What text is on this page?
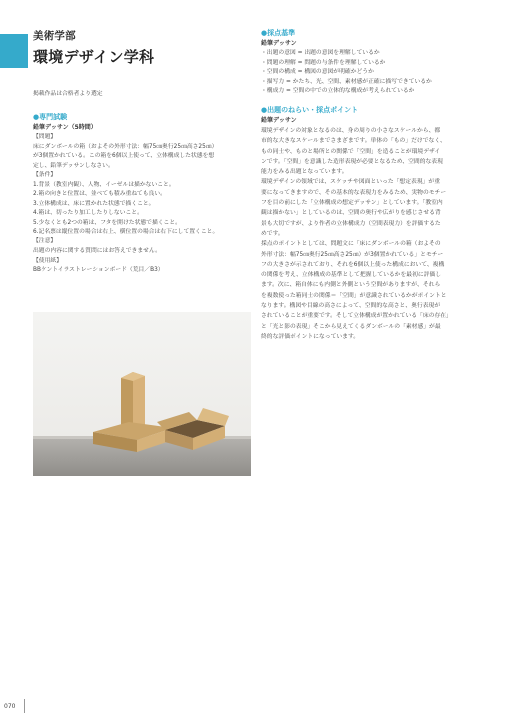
美術学部
環境デザイン学科
掲載作品は合格者より選定
●専門試験
鉛筆デッサン（5時間）
【問題】
床にダンボールの箱（およその外形寸法：幅75㎝奥行25㎝高さ25㎝）
が3個置かれている。この箱を6個以上使って、立体構成した状態を想
定し、鉛筆デッサンしなさい。
【条件】
1.背景（教室内観）、人物、イーゼルは描かないこと。
2.箱の向きと位置は、並べても積み重ねても良い。
3.立体構成は、床に置かれた状態で描くこと。
4.箱は、切ったり加工したりしないこと。
5.少なくとも2つの箱は、フタを開けた状態で描くこと。
6.記名票は縦位置の場合は右上、横位置の場合は右下にして置くこと。
【注意】
出題の内容に関する質問にはお答えできません。
【使用紙】
BBケントイラストレーションボード（荒目／B3）
●採点基準
鉛筆デッサン
・出題の意図 = 出題の意図を理解しているか
・問題の理解 = 問題の与条件を理解しているか
・空間の構成 = 構図の意図が明確かどうか
・描写力 = かたち、光、空間、素材感が正確に描写できているか
・構成力 = 空間の中での立体的な構成が考えられているか
●出題のねらい・採点ポイント
鉛筆デッサン

環境デザインの対象となるのは、身の周りの小さなスケールから、都
市的な大きなスケールまでさまざまです。単体の「もの」だけでなく、
もの同士や、ものと場所との関係で「空間」を造ることが環境デザイ
ンです。「空間」を意識した造形表現が必要となるため、空間的な表現
能力をみる出題となっています。

環境デザインの領域では、スケッチや図面といった「想定表現」が重
要になってきますので、その基本的な表現力をみるため、実物のモチー
フを目の前にした「立体構成の想定デッサン」としています。「教室内
観は描かない」としているのは、空間の奥行や広がりを感じさせる背
景も大切ですが、より作者の立体構成力（空間表現力）を評価するた
めです。

採点のポイントとしては、問題文に「床にダンボールの箱（およその
外形寸法：幅75㎝奥行25㎝高さ25㎝）が3個置かれている」とモチー
フの大きさが示されており、それを6個以上使った構成において、複構
の関係を考え、立体構成の基準として把握しているかを最初に評価し
ます。次に、箱自体にも内側と外側という空間がありますが、それら
を複数使った箱同士の関係＝「空間」が意識されているかがポイントと
なります。構図や目線の高さによって、空間的な高さと、奥行表現が
されていることが重要です。そして立体構成が置かれている「床の存在」
と「光と影の表現」そこから見えてくるダンボールの「素材感」が最
終的な評価ポイントになっています。

070
